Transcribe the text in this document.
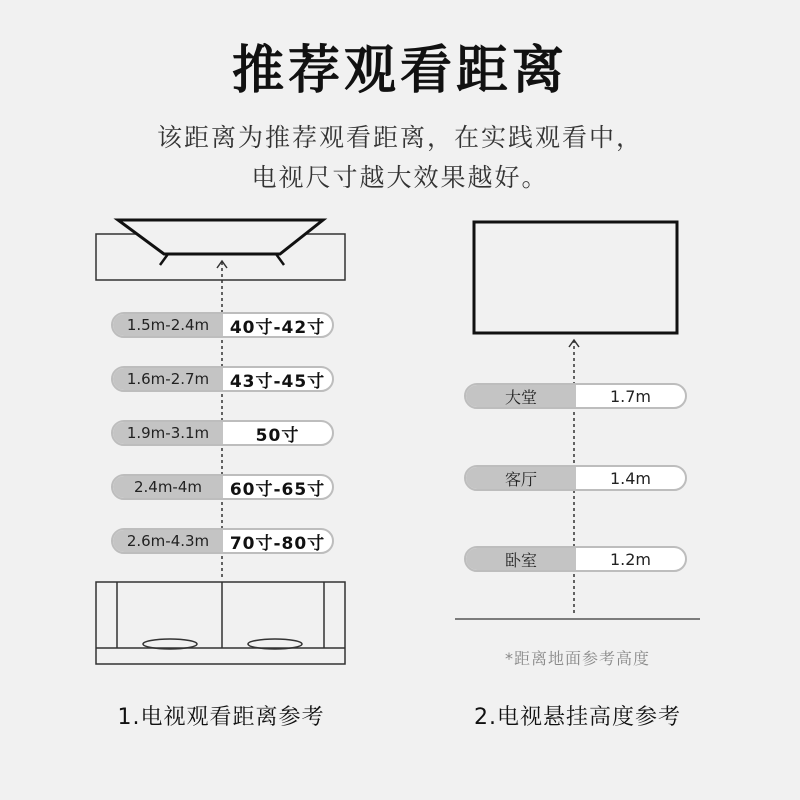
推荐观看距离
该距离为推荐观看距离，在实践观看中，
电视尺寸越大效果越好。
1.5m-2.4m	40寸-42寸
1.6m-2.7m	43寸-45寸
1.9m-3.1m	50寸
2.4m-4m	60寸-65寸
2.6m-4.3m	70寸-80寸
大堂	1.7m
客厅	1.4m
卧室	1.2m
*距离地面参考高度
1.电视观看距离参考	2.电视悬挂高度参考
